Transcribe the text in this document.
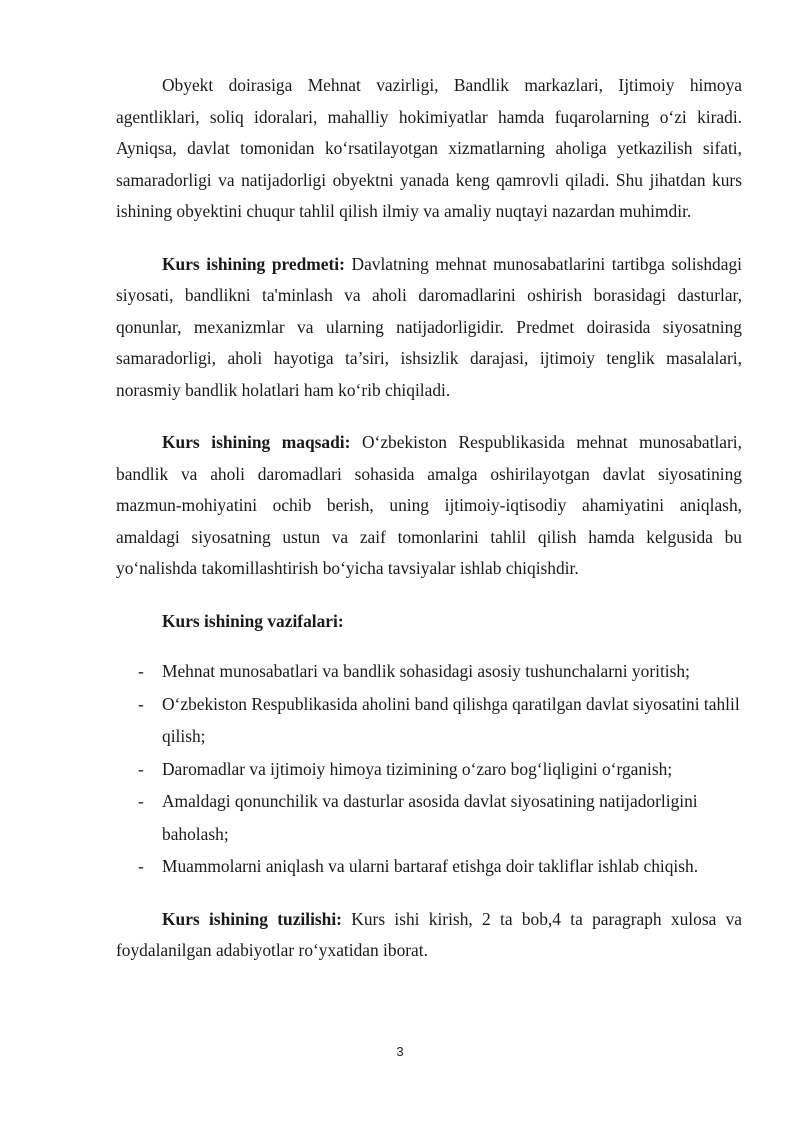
Obyekt doirasiga Mehnat vazirligi, Bandlik markazlari, Ijtimoiy himoya agentliklari, soliq idoralari, mahalliy hokimiyatlar hamda fuqarolarning o‘zi kiradi. Ayniqsa, davlat tomonidan ko‘rsatilayotgan xizmatlarning aholiga yetkazilish sifati, samaradorligi va natijadorligi obyektni yanada keng qamrovli qiladi. Shu jihatdan kurs ishining obyektini chuqur tahlil qilish ilmiy va amaliy nuqtayi nazardan muhimdir.

Kurs ishining predmeti: Davlatning mehnat munosabatlarini tartibga solishdagi siyosati, bandlikni ta'minlash va aholi daromadlarini oshirish borasidagi dasturlar, qonunlar, mexanizmlar va ularning natijadorligidir. Predmet doirasida siyosatning samaradorligi, aholi hayotiga ta’siri, ishsizlik darajasi, ijtimoiy tenglik masalalari, norasmiy bandlik holatlari ham ko‘rib chiqiladi.

Kurs ishining maqsadi: O‘zbekiston Respublikasida mehnat munosabatlari, bandlik va aholi daromadlari sohasida amalga oshirilayotgan davlat siyosatining mazmun-mohiyatini ochib berish, uning ijtimoiy-iqtisodiy ahamiyatini aniqlash, amaldagi siyosatning ustun va zaif tomonlarini tahlil qilish hamda kelgusida bu yo‘nalishda takomillashtirish bo‘yicha tavsiyalar ishlab chiqishdir.

Kurs ishining vazifalari:

- Mehnat munosabatlari va bandlik sohasidagi asosiy tushunchalarni yoritish;
- O‘zbekiston Respublikasida aholini band qilishga qaratilgan davlat siyosatini tahlil qilish;
- Daromadlar va ijtimoiy himoya tizimining o‘zaro bog‘liqligini o‘rganish;
- Amaldagi qonunchilik va dasturlar asosida davlat siyosatining natijadorligini baholash;
- Muammolarni aniqlash va ularni bartaraf etishga doir takliflar ishlab chiqish.

Kurs ishining tuzilishi: Kurs ishi kirish, 2 ta bob,4 ta paragraph xulosa va foydalanilgan adabiyotlar ro‘yxatidan iborat.

3
